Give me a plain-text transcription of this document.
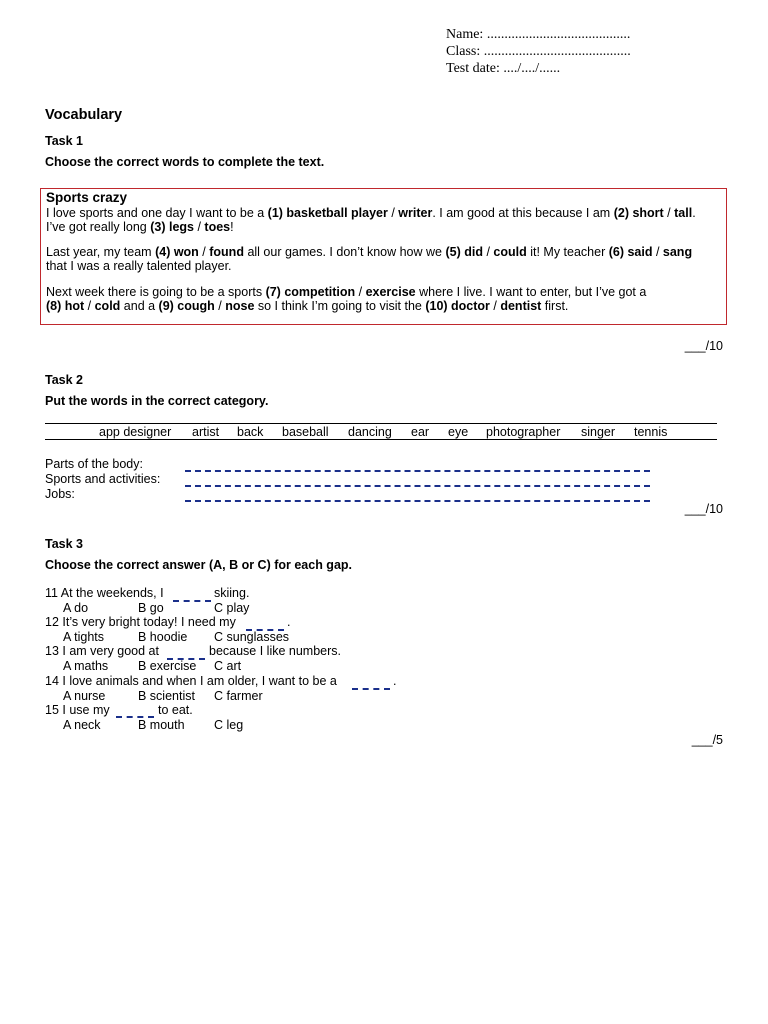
Name: .........................................
Class: ..........................................
Test date: ..../..../......
Vocabulary
Task 1
Choose the correct words to complete the text.
Sports crazy

I love sports and one day I want to be a (1) basketball player / writer. I am good at this because I am (2) short / tall.

I’ve got really long (3) legs / toes!

Last year, my team (4) won / found all our games. I don’t know how we (5) did / could it! My teacher (6) said / sang

that I was a really talented player.

Next week there is going to be a sports (7) competition / exercise where I live. I want to enter, but I’ve got a

(8) hot / cold and a (9) cough / nose so I think I’m going to visit the (10) doctor / dentist first.

___/10
Task 2
Put the words in the correct category.
app designer artist back baseball dancing ear eye photographer singer tennis
Parts of the body:
Sports and activities:
Jobs:
___/10
Task 3
Choose the correct answer (A, B or C) for each gap.
11 At the weekends, I	skiing.
A do	B go	C play
12 It’s very bright today! I need my	.
A tights	B hoodie C sunglasses
13 I am very good at	because I like numbers.
A maths B exercise C art
14 I love animals and when I am older, I want to be a	.
A nurse	B scientist C farmer
15 I use my	to eat.
A neck	B mouth C leg
___/5
